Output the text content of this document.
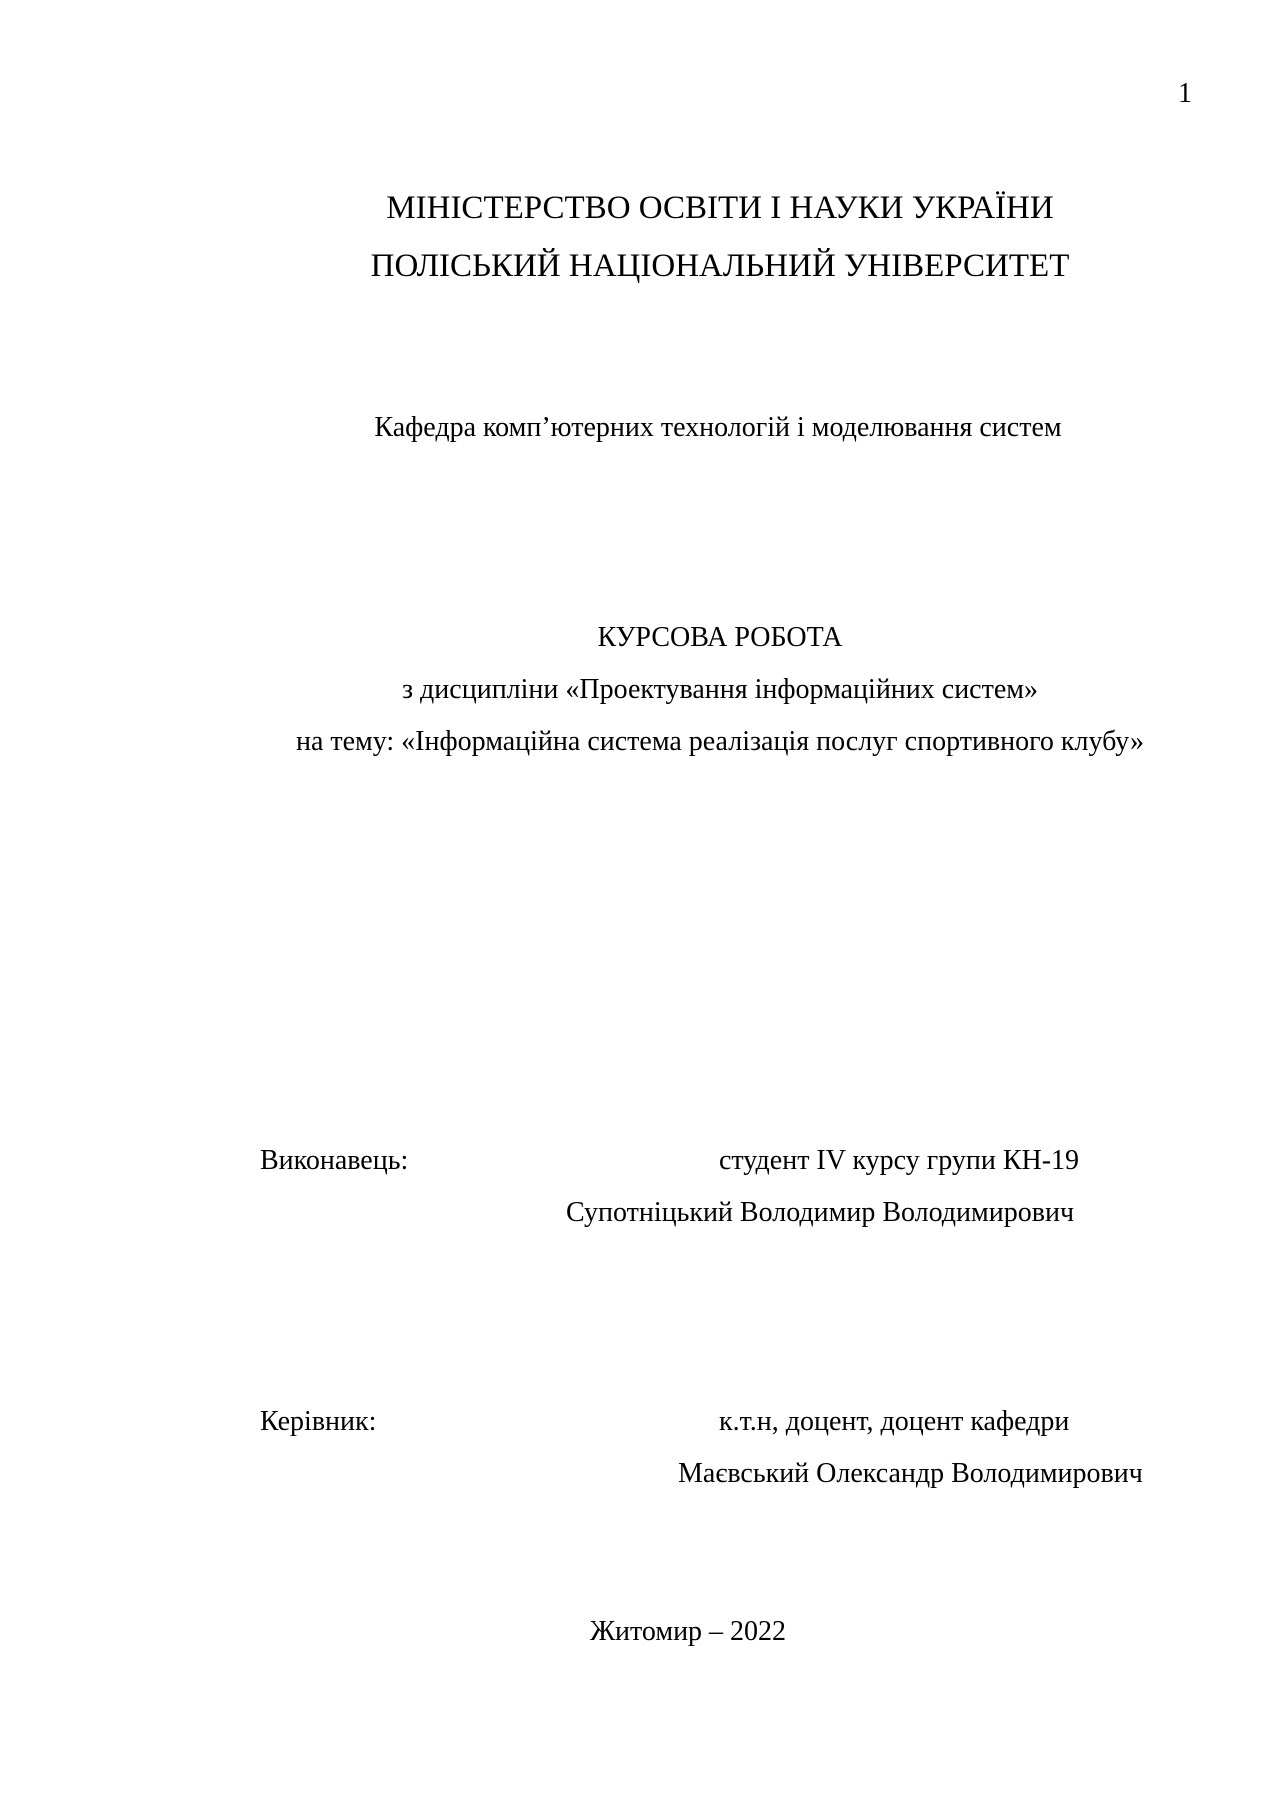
1
МІНІСТЕРСТВО ОСВІТИ І НАУКИ УКРАЇНИ
ПОЛІСЬКИЙ НАЦІОНАЛЬНИЙ УНІВЕРСИТЕТ
Кафедра комп’ютерних технологій і моделювання систем
КУРСОВА РОБОТА
з дисципліни «Проектування інформаційних систем»
на тему: «Інформаційна система реалізація послуг спортивного клубу»
Виконавець:	студент IV курсу групи КН-19
Супотніцький Володимир Володимирович
Керівник:	к.т.н, доцент, доцент кафедри
Маєвський Олександр Володимирович
Житомир – 2022
